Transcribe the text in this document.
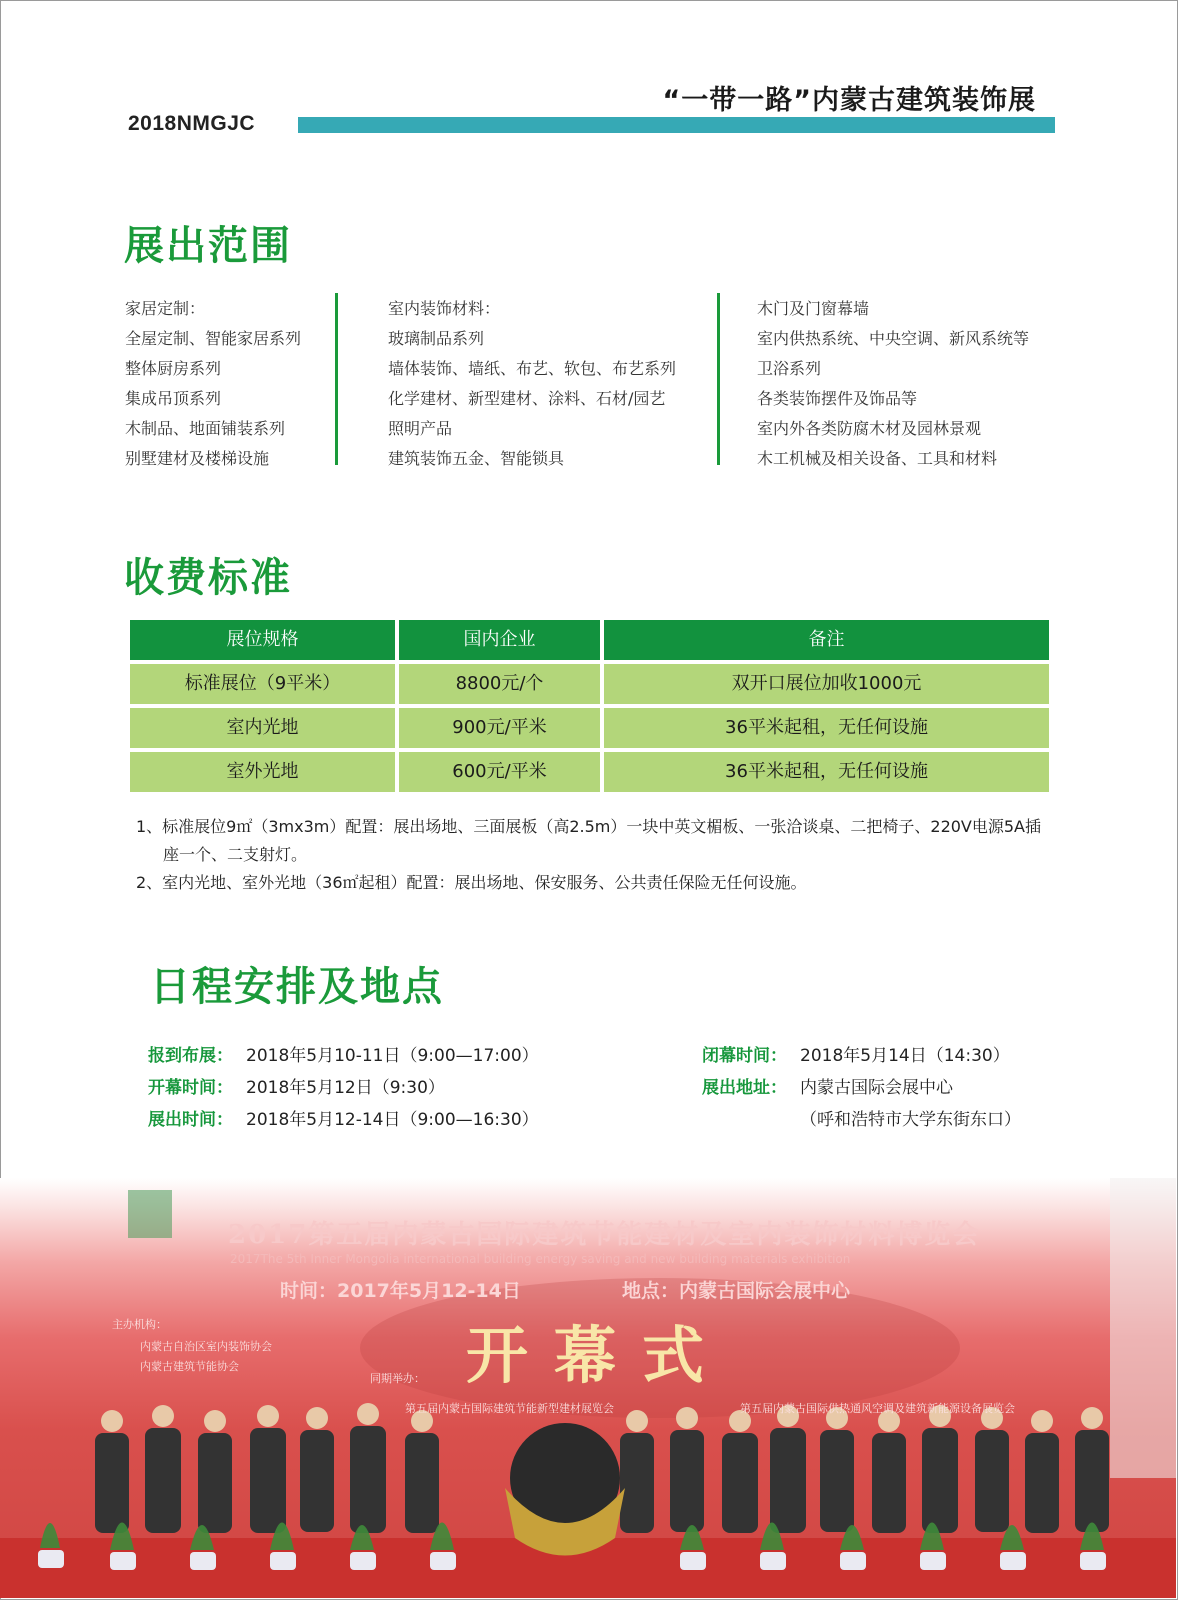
“一带一路”内蒙古建筑装饰展
2018NMGJC
展出范围
家居定制：
全屋定制、智能家居系列
整体厨房系列
集成吊顶系列
木制品、地面铺装系列
别墅建材及楼梯设施
室内装饰材料：
玻璃制品系列
墙体装饰、墙纸、布艺、软包、布艺系列
化学建材、新型建材、涂料、石材/园艺
照明产品
建筑装饰五金、智能锁具
木门及门窗幕墙
室内供热系统、中央空调、新风系统等
卫浴系列
各类装饰摆件及饰品等
室内外各类防腐木材及园林景观
木工机械及相关设备、工具和材料
收费标准
展位规格	国内企业	备注
标准展位（9平米）	8800元/个	双开口展位加收1000元
室内光地	900元/平米	36平米起租，无任何设施
室外光地	600元/平米	36平米起租，无任何设施
1、标准展位9㎡（3mx3m）配置：展出场地、三面展板（高2.5m）一块中英文楣板、一张洽谈桌、二把椅子、220V电源5A插座一个、二支射灯。
2、室内光地、室外光地（36㎡起租）配置：展出场地、保安服务、公共责任保险无任何设施。
日程安排及地点
报到布展： 2018年5月10-11日（9:00—17:00）
开幕时间： 2018年5月12日（9:30）
展出时间： 2018年5月12-14日（9:00—16:30）
闭幕时间： 2018年5月14日（14:30）
展出地址： 内蒙古国际会展中心
（呼和浩特市大学东街东口）
2017第五届内蒙古国际建筑节能建材及室内装饰材料博览会
2017The 5th Inner Mongolia international building energy saving and new building materials exhibition
时间：2017年5月12-14日	地点：内蒙古国际会展中心
开幕式
主办机构：
内蒙古自治区室内装饰协会
内蒙古建筑节能协会
同期举办：
第五届内蒙古国际建筑节能新型建材展览会	第五届内蒙古国际供热通风空调及建筑新能源设备展览会
